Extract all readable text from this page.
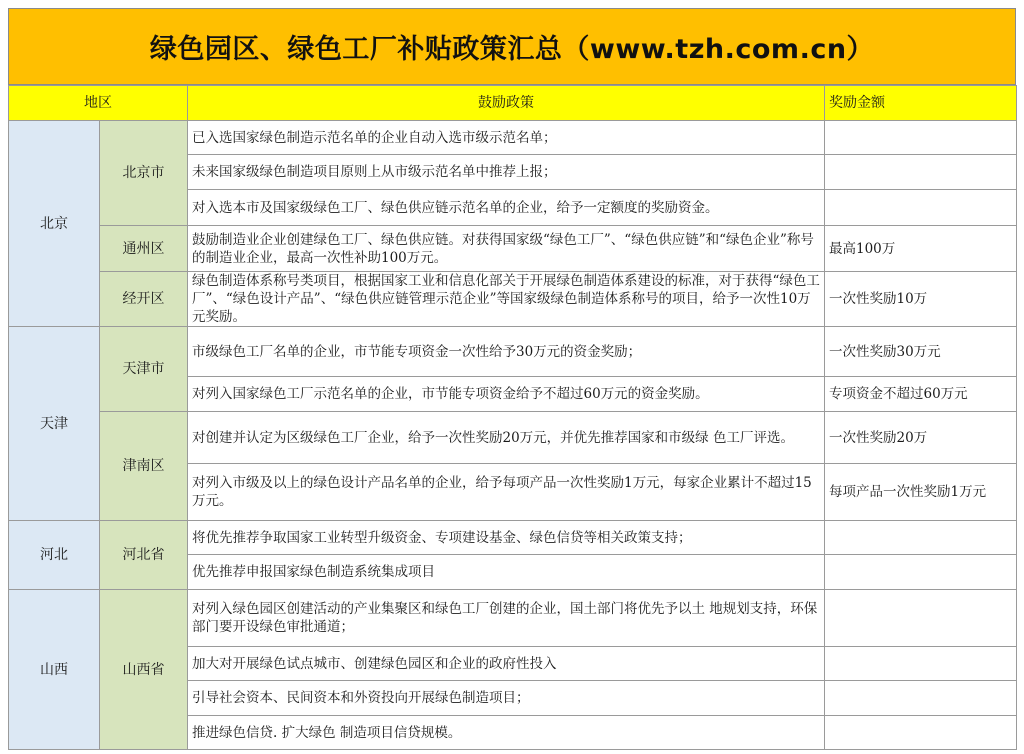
绿色园区、绿色工厂补贴政策汇总（www.tzh.com.cn）
地区		鼓励政策	奖励金额
北京	北京市	已入选国家绿色制造示范名单的企业自动入选市级示范名单；	
		未来国家级绿色制造项目原则上从市级示范名单中推荐上报；	
		对入选本市及国家级绿色工厂、绿色供应链示范名单的企业，给予一定额度的奖励资金。	
	通州区	鼓励制造业企业创建绿色工厂、绿色供应链。对获得国家级“绿色工厂”、“绿色供应链”和“绿色企业”称号的制造业企业，最高一次性补助100万元。	最高100万
	经开区	绿色制造体系称号类项目，根据国家工业和信息化部关于开展绿色制造体系建设的标准，对于获得“绿色工厂”、“绿色设计产品”、“绿色供应链管理示范企业”等国家级绿色制造体系称号的项目，给予一次性10万元奖励。	一次性奖励10万
天津	天津市	市级绿色工厂名单的企业，市节能专项资金一次性给予30万元的资金奖励；	一次性奖励30万元
		对列入国家绿色工厂示范名单的企业，市节能专项资金给予不超过60万元的资金奖励。	专项资金不超过60万元
	津南区	对创建并认定为区级绿色工厂企业，给予一次性奖励20万元，并优先推荐国家和市级绿 色工厂评选。	一次性奖励20万
		对列入市级及以上的绿色设计产品名单的企业，给予每项产品一次性奖励1万元，每家企业累计不超过15万元。	每项产品一次性奖励1万元
河北	河北省	将优先推荐争取国家工业转型升级资金、专项建设基金、绿色信贷等相关政策支持；	
		优先推荐申报国家绿色制造系统集成项目	
山西	山西省	对列入绿色园区创建活动的产业集聚区和绿色工厂创建的企业，国土部门将优先予以土 地规划支持，环保部门要开设绿色审批通道；	
		加大对开展绿色试点城市、创建绿色园区和企业的政府性投入	
		引导社会资本、民间资本和外资投向开展绿色制造项目；	
		推进绿色信贷. 扩大绿色 制造项目信贷规模。	
